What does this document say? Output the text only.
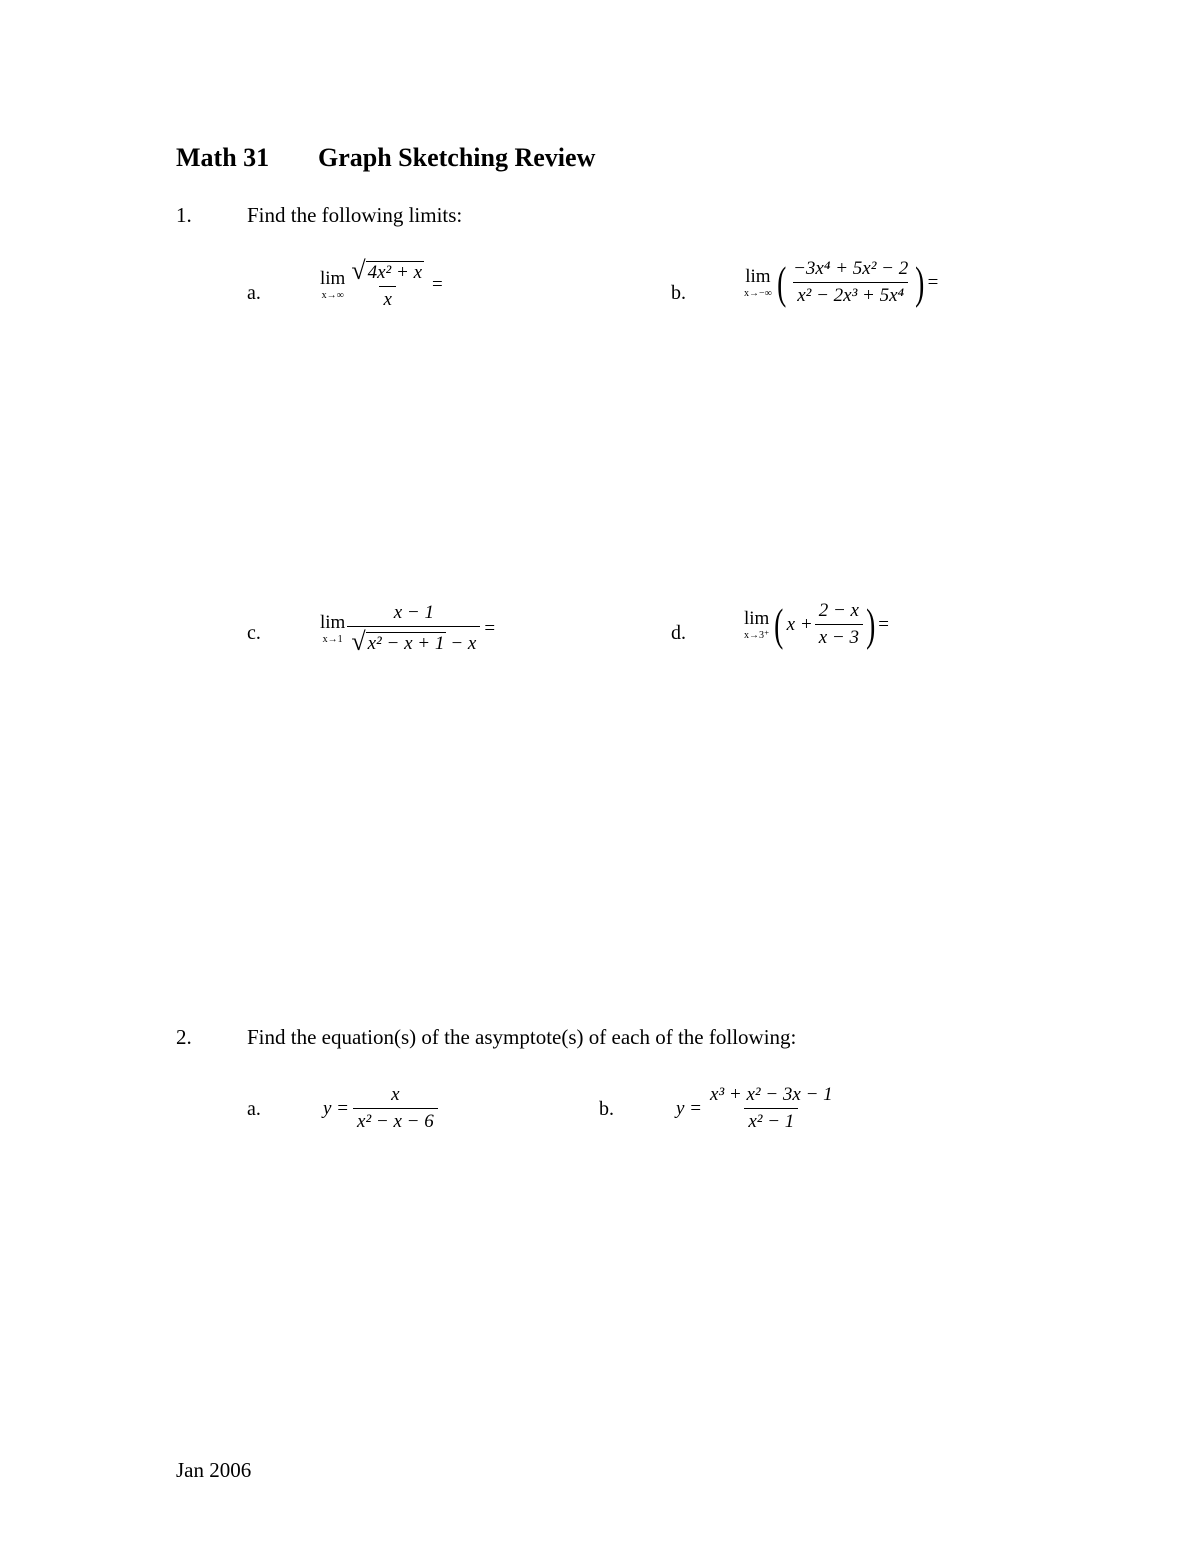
Math 31 Graph Sketching Review
1.	Find the following limits:
a.
lim
$x\to\infty \frac{\text{√ 4x² + x}}{x}$ =	b.
lim
x→−∞ ( $\frac{\text{−3x⁴ + 5x² − 2}}{\text{x² − 2x³ + 5x⁴}}$ ) =
c.	lim
$x\to 1 \frac{x - 1}{\text{√ x² − x + 1 − x}}$ =	d.
lim
x→3⁺ ( $x + \frac{2 - x}{x - 3}$ ) =
2.	Find the equation(s) of the asymptote(s) of each of the following:
a.	$y = \frac{x}{\text{x² − x − 6}}$	b.	$y = \frac{\text{x³ + x² − 3x − 1}}{\text{x² − 1}}$
Jan 2006
